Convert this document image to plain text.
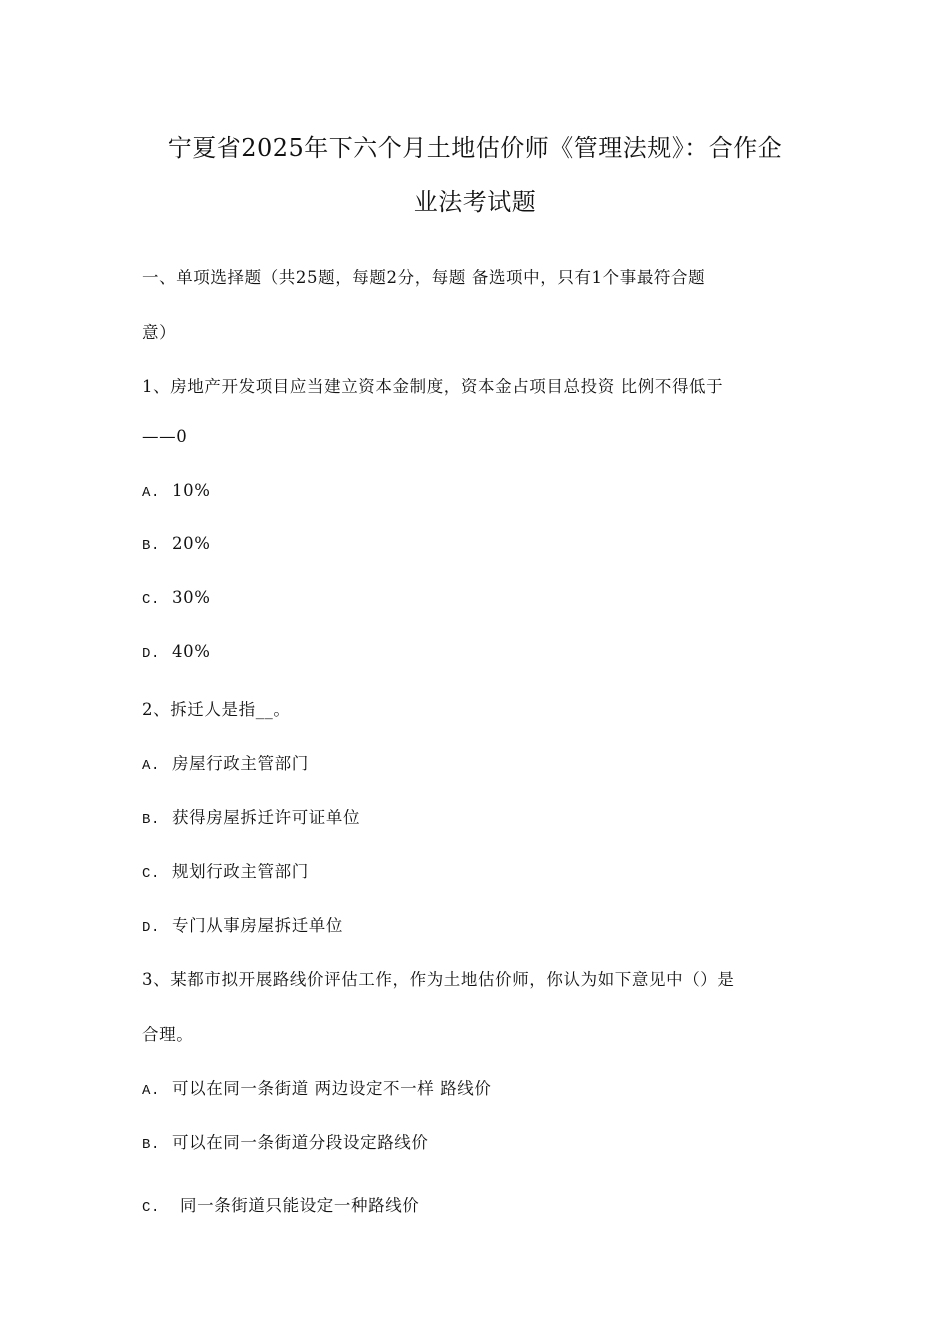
宁夏省2025年下六个月土地估价师《管理法规》：合作企
业法考试题
一、单项选择题（共25题，每题2分，每题 备选项中，只有1个事最符合题
意）
1、房地产开发项目应当建立资本金制度，资本金占项目总投资 比例不得低于
——0
A. 10%
B. 20%
C. 30%
D. 40%
2、拆迁人是指__。
A. 房屋行政主管部门
B. 获得房屋拆迁许可证单位
C. 规划行政主管部门
D. 专门从事房屋拆迁单位
3、某都市拟开展路线价评估工作，作为土地估价师，你认为如下意见中（）是
合理。
A. 可以在同一条街道 两边设定不一样 路线价
B. 可以在同一条街道分段设定路线价
C. 同一条街道只能设定一种路线价
